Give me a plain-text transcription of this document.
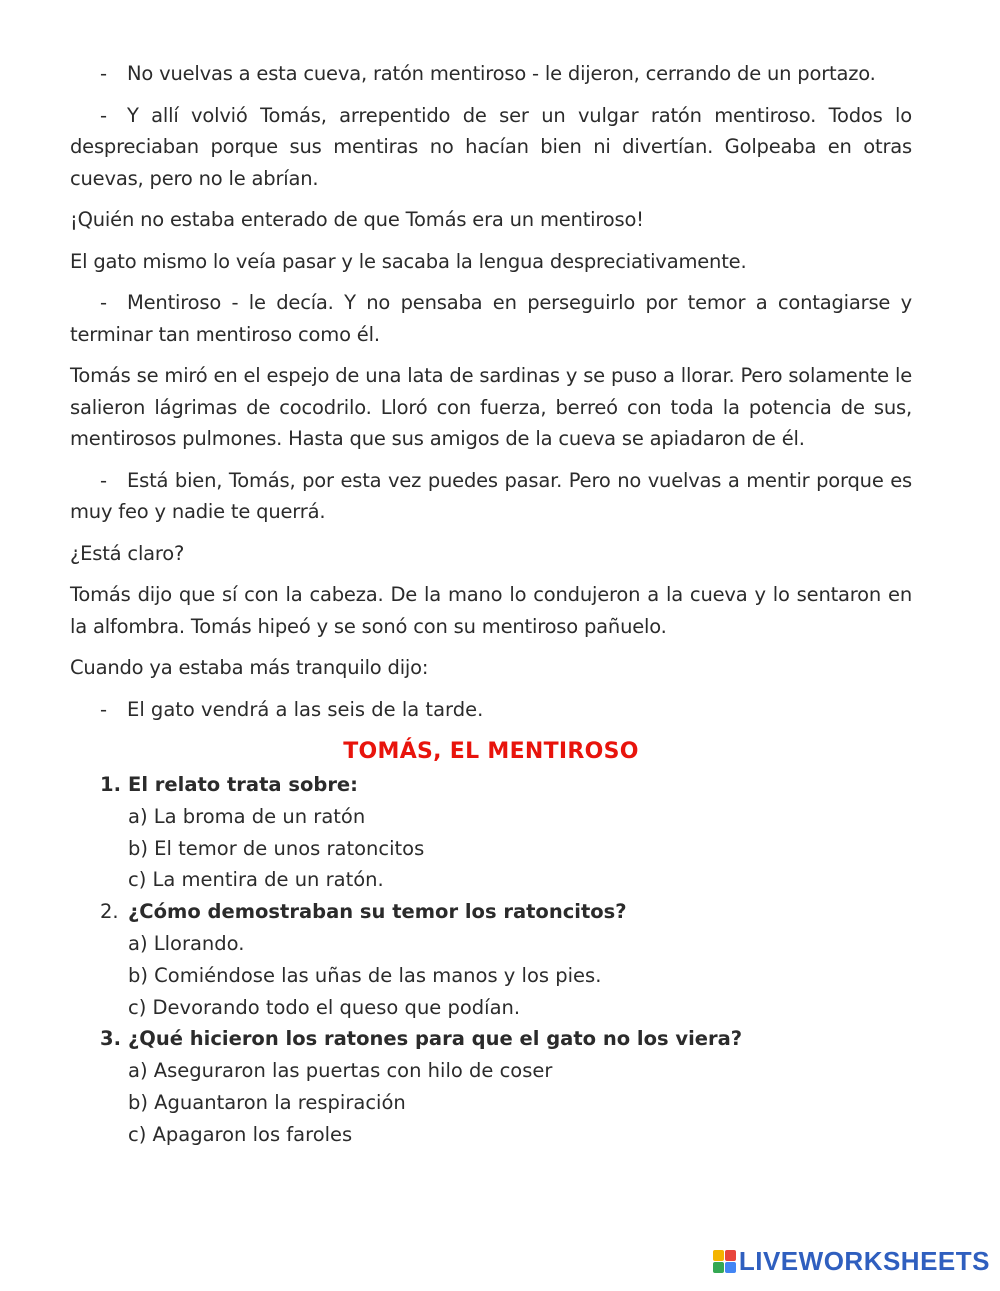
- No vuelvas a esta cueva, ratón mentiroso - le dijeron, cerrando de un portazo.

- Y allí volvió Tomás, arrepentido de ser un vulgar ratón mentiroso. Todos lo despreciaban porque sus mentiras no hacían bien ni divertían. Golpeaba en otras cuevas, pero no le abrían.

¡Quién no estaba enterado de que Tomás era un mentiroso!

El gato mismo lo veía pasar y le sacaba la lengua despreciativamente.

- Mentiroso - le decía. Y no pensaba en perseguirlo por temor a contagiarse y terminar tan mentiroso como él.

Tomás se miró en el espejo de una lata de sardinas y se puso a llorar. Pero solamente le salieron lágrimas de cocodrilo. Lloró con fuerza, berreó con toda la potencia de sus, mentirosos pulmones. Hasta que sus amigos de la cueva se apiadaron de él.

- Está bien, Tomás, por esta vez puedes pasar. Pero no vuelvas a mentir porque es muy feo y nadie te querrá.

¿Está claro?

Tomás dijo que sí con la cabeza. De la mano lo condujeron a la cueva y lo sentaron en la alfombra. Tomás hipeó y se sonó con su mentiroso pañuelo.

Cuando ya estaba más tranquilo dijo:

- El gato vendrá a las seis de la tarde.
TOMÁS, EL MENTIROSO
1. El relato trata sobre:
a) La broma de un ratón
b) El temor de unos ratoncitos
c) La mentira de un ratón.
2. ¿Cómo demostraban su temor los ratoncitos?
a) Llorando.
b) Comiéndose las uñas de las manos y los pies.
c) Devorando todo el queso que podían.
3. ¿Qué hicieron los ratones para que el gato no los viera?
a) Aseguraron las puertas con hilo de coser
b) Aguantaron la respiración
c) Apagaron los faroles
LIVEWORKSHEETS
